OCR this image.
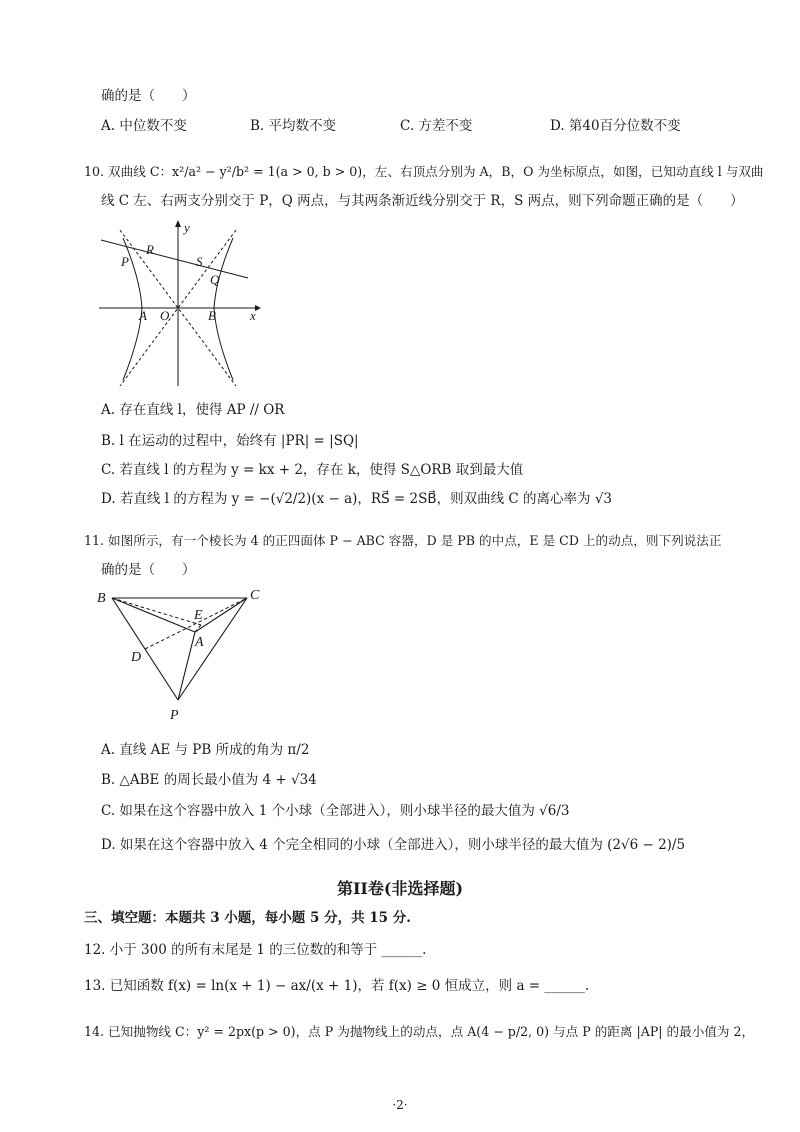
确的是（　　）
A. 中位数不变	B. 平均数不变	C. 方差不变	D. 第40百分位数不变
10. 双曲线 C：x²/a² − y²/b² = 1(a > 0, b > 0)，左、右顶点分别为 A，B，O 为坐标原点，如图，已知动直线 l 与双曲
线 C 左、右两支分别交于 P，Q 两点，与其两条渐近线分别交于 R，S 两点，则下列命题正确的是（　　）
y
x
P
R
S
Q
A O	B
A. 存在直线 l，使得 AP // OR
B. l 在运动的过程中，始终有 |PR| = |SQ|
C. 若直线 l 的方程为 y = kx + 2，存在 k，使得 S△ORB 取到最大值
D. 若直线 l 的方程为 y = −(√2/2)(x − a)，RS⃗ = 2SB⃗，则双曲线 C 的离心率为 √3
11. 如图所示，有一个棱长为 4 的正四面体 P − ABC 容器，D 是 PB 的中点，E 是 CD 上的动点，则下列说法正
确的是（　　）
B	C
E
A
D
P
A. 直线 AE 与 PB 所成的角为 π/2
B. △ABE 的周长最小值为 4 + √34
C. 如果在这个容器中放入 1 个小球（全部进入），则小球半径的最大值为 √6/3
D. 如果在这个容器中放入 4 个完全相同的小球（全部进入），则小球半径的最大值为 (2√6 − 2)/5
第II卷(非选择题)
三、填空题：本题共 3 小题，每小题 5 分，共 15 分.
12. 小于 300 的所有末尾是 1 的三位数的和等于 ______.
13. 已知函数 f(x) = ln(x + 1) − ax/(x + 1)，若 f(x) ≥ 0 恒成立，则 a = ______.
14. 已知抛物线 C：y² = 2px(p > 0)，点 P 为抛物线上的动点，点 A(4 − p/2, 0) 与点 P 的距离 |AP| 的最小值为 2，
·2·
